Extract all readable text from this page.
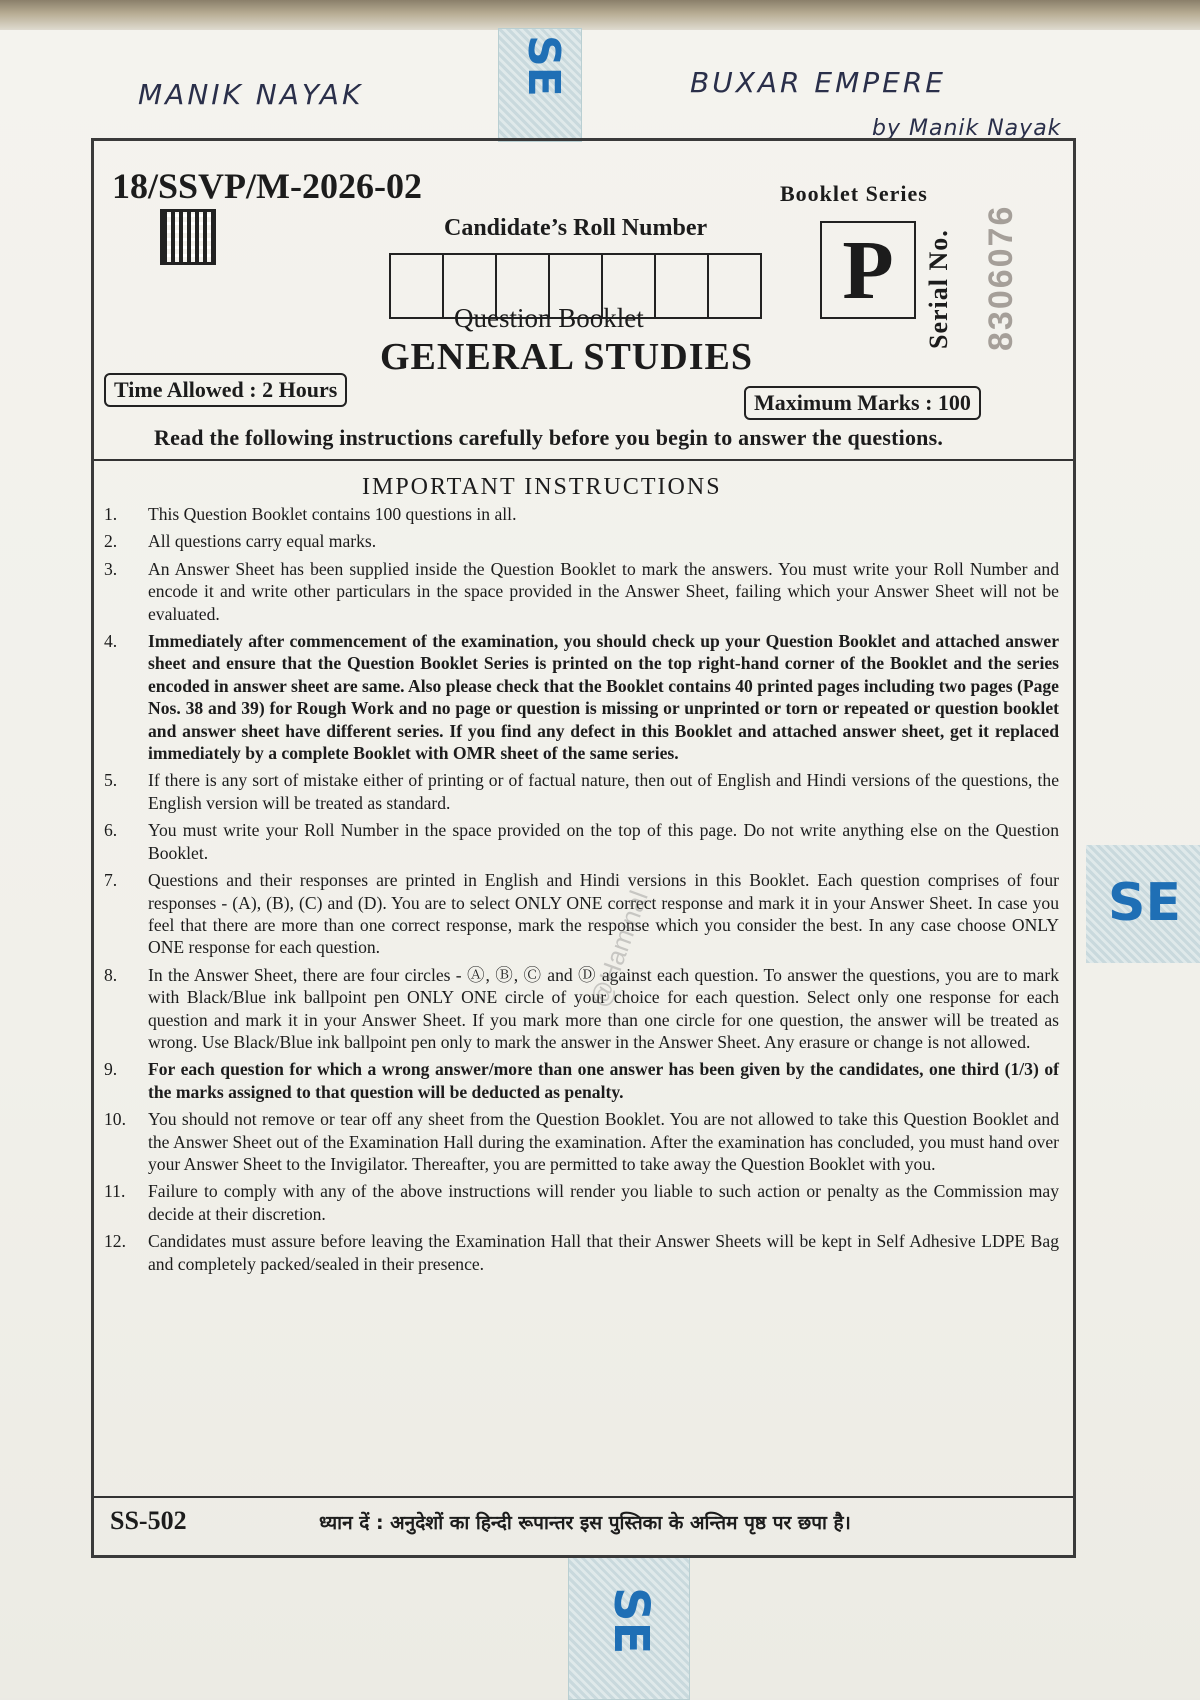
MANIK NAYAK	BUXAR EMPERE
by Manik Nayak
SE
SE
SE
18/SSVP/M-2026-02
Candidate’s Roll Number
Booklet Series
P	Serial No. 8306076
Question Booklet
GENERAL STUDIES
Time Allowed : 2 Hours
Maximum Marks : 100
Read the following instructions carefully before you begin to answer the questions.
IMPORTANT INSTRUCTIONS
1.	This Question Booklet contains 100 questions in all.
2.	All questions carry equal marks.
3.	An Answer Sheet has been supplied inside the Question Booklet to mark the answers. You must write your Roll Number and encode it and write other particulars in the space provided in the Answer Sheet, failing which your Answer Sheet will not be evaluated.
4.	Immediately after commencement of the examination, you should check up your Question Booklet and attached answer sheet and ensure that the Question Booklet Series is printed on the top right-hand corner of the Booklet and the series encoded in answer sheet are same. Also please check that the Booklet contains 40 printed pages including two pages (Page Nos. 38 and 39) for Rough Work and no page or question is missing or unprinted or torn or repeated or question booklet and answer sheet have different series. If you find any defect in this Booklet and attached answer sheet, get it replaced immediately by a complete Booklet with OMR sheet of the same series.
5.	If there is any sort of mistake either of printing or of factual nature, then out of English and Hindi versions of the questions, the English version will be treated as standard.
6.	You must write your Roll Number in the space provided on the top of this page. Do not write anything else on the Question Booklet.
7.	Questions and their responses are printed in English and Hindi versions in this Booklet. Each question comprises of four responses - (A), (B), (C) and (D). You are to select ONLY ONE correct response and mark it in your Answer Sheet. In case you feel that there are more than one correct response, mark the response which you consider the best. In any case choose ONLY ONE response for each question.
8.	In the Answer Sheet, there are four circles - Ⓐ, Ⓑ, Ⓒ and Ⓓ against each question. To answer the questions, you are to mark with Black/Blue ink ballpoint pen ONLY ONE circle of your choice for each question. Select only one response for each question and mark it in your Answer Sheet. If you mark more than one circle for one question, the answer will be treated as wrong. Use Black/Blue ink ballpoint pen only to mark the answer in the Answer Sheet. Any erasure or change is not allowed.
9.	For each question for which a wrong answer/more than one answer has been given by the candidates, one third (1/3) of the marks assigned to that question will be deducted as penalty.
10.	You should not remove or tear off any sheet from the Question Booklet. You are not allowed to take this Question Booklet and the Answer Sheet out of the Examination Hall during the examination. After the examination has concluded, you must hand over your Answer Sheet to the Invigilator. Thereafter, you are permitted to take away the Question Booklet with you.
11.	Failure to comply with any of the above instructions will render you liable to such action or penalty as the Commission may decide at their discretion.
12.	Candidates must assure before leaving the Examination Hall that their Answer Sheets will be kept in Self Adhesive LDPE Bag and completely packed/sealed in their presence.
@Haminal
SS-502	ध्यान दें : अनुदेशों का हिन्दी रूपान्तर इस पुस्तिका के अन्तिम पृष्ठ पर छपा है।
